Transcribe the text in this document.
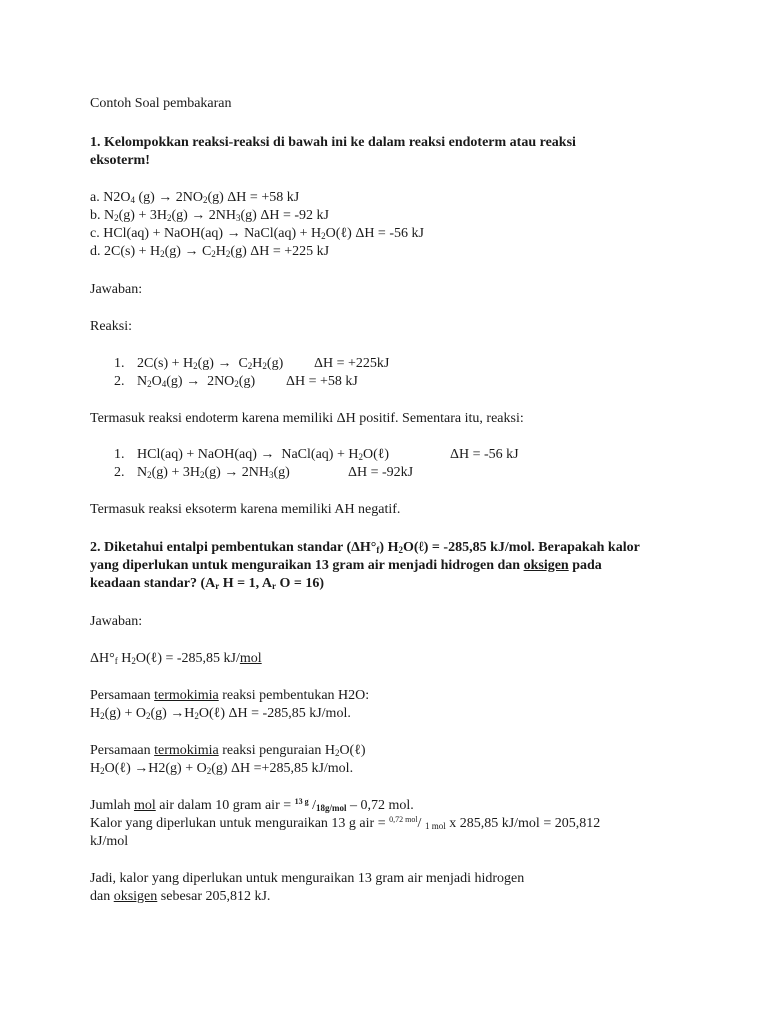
Contoh Soal pembakaran
1. Kelompokkan reaksi-reaksi di bawah ini ke dalam reaksi endoterm atau reaksi
eksoterm!
a. $N2O_4$ $(g) \to 2NO_2(g) \Delta H = +58$ kJ
b. $N_2(g) + 3H_2(g) \to 2NH_3(g) \Delta H = -92$ kJ
c. HCl(aq) + NaOH(aq) → NaCl(aq) + $H_2O(\ell) \Delta H = -56$ kJ
d. $2C(s) + H_2(g) \to C_2H_2(g) \Delta H = +225$ kJ
Jawaban:
Reaksi:
1. $2C(s) + H_2(g) \to C_2H_2(g) \Delta H = +225kJ$
2. $N_2O_4(g) \to 2NO_2(g) \Delta H = +58$ kJ
Termasuk reaksi endoterm karena memiliki ΔH positif. Sementara itu, reaksi:
1. HCl(aq) + NaOH(aq) →  NaCl(aq) + $H_2O(\ell)$	ΔH = -56 kJ
2. $N_2(g) + 3H_2(g) \to 2NH_3(g)$	ΔH = -92kJ
Termasuk reaksi eksoterm karena memiliki AH negatif.
2. Diketahui entalpi pembentukan standar $(\Delta H^\circ_f)$ $H_2O(\ell) = -285,85$ kJ/mol. Berapakah kalor
yang diperlukan untuk menguraikan 13 gram air menjadi hidrogen dan oksigen pada
keadaan standar? ($A_r$ H = 1, $A_r$ O = 16)
Jawaban:
$\Delta H^\circ_f$ $H_2O(\ell) = -285,85$ kJ/mol
Persamaan termokimia reaksi pembentukan H2O:
$H_2(g) + O_2(g)$ $\to H_2O(\ell) \Delta H = -285,85$ kJ/mol.
Persamaan termokimia reaksi penguraian $H_2O(\ell)$
$H_2O(\ell) \to H2(g) + O_2(g)$ ΔH =+285,85 kJ/mol.
Jumlah mol air dalam 10 gram air = $^{13 g}$ $/_{18g/mol} - 0,72$ mol.
Kalor yang diperlukan untuk menguraikan 13 g air = $^{0,72 mol}$/ $_{1 mol}$ x 285,85 kJ/mol = 205,812
kJ/mol
Jadi, kalor yang diperlukan untuk menguraikan 13 gram air menjadi hidrogen
dan oksigen sebesar 205,812 kJ.
